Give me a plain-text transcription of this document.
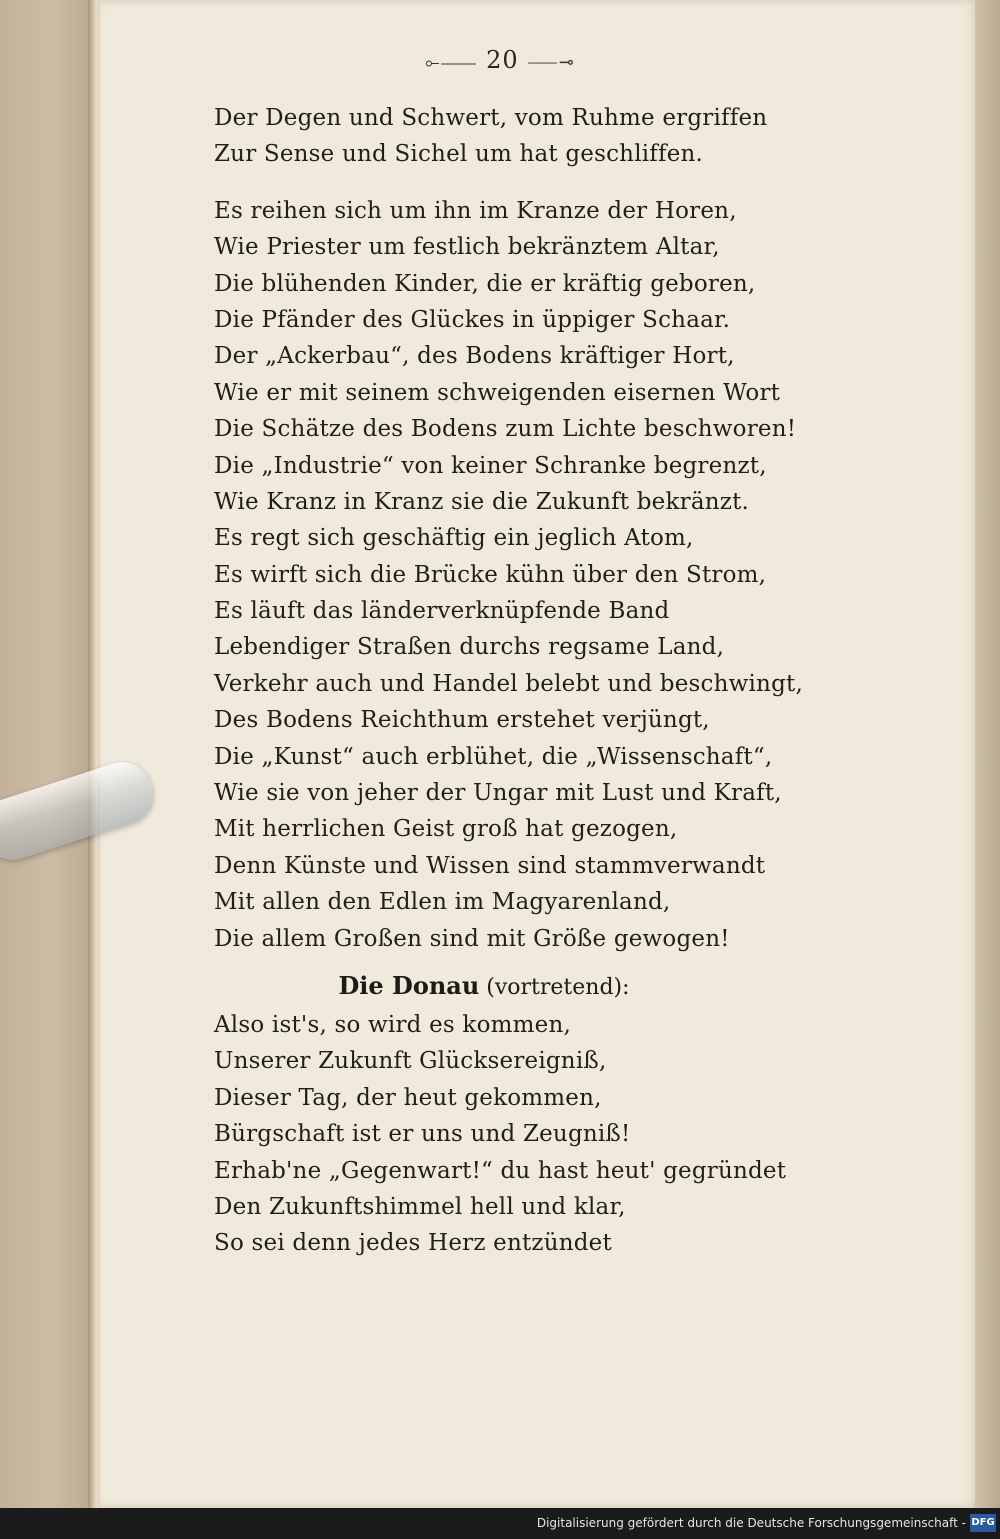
⟜⸺ 20 ⸺⊸
Der Degen und Schwert, vom Ruhme ergriffen
Zur Sense und Sichel um hat geschliffen.
Es reihen sich um ihn im Kranze der Horen,
Wie Priester um festlich bekränztem Altar,
Die blühenden Kinder, die er kräftig geboren,
Die Pfänder des Glückes in üppiger Schaar.
Der „Ackerbau“, des Bodens kräftiger Hort,
Wie er mit seinem schweigenden eisernen Wort
Die Schätze des Bodens zum Lichte beschworen!
Die „Industrie“ von keiner Schranke begrenzt,
Wie Kranz in Kranz sie die Zukunft bekränzt.
Es regt sich geschäftig ein jeglich Atom,
Es wirft sich die Brücke kühn über den Strom,
Es läuft das länderverknüpfende Band
Lebendiger Straßen durchs regsame Land,
Verkehr auch und Handel belebt und beschwingt,
Des Bodens Reichthum erstehet verjüngt,
Die „Kunst“ auch erblühet, die „Wissenschaft“,
Wie sie von jeher der Ungar mit Lust und Kraft,
Mit herrlichen Geist groß hat gezogen,
Denn Künste und Wissen sind stammverwandt
Mit allen den Edlen im Magyarenland,
Die allem Großen sind mit Größe gewogen!
Die Donau (vortretend):
Also ist's, so wird es kommen,
Unserer Zukunft Glücksereigniß,
Dieser Tag, der heut gekommen,
Bürgschaft ist er uns und Zeugniß!
Erhab'ne „Gegenwart!“ du hast heut' gegründet
Den Zukunftshimmel hell und klar,
So sei denn jedes Herz entzündet
Digitalisierung gefördert durch die Deutsche Forschungsgemeinschaft - DFG
